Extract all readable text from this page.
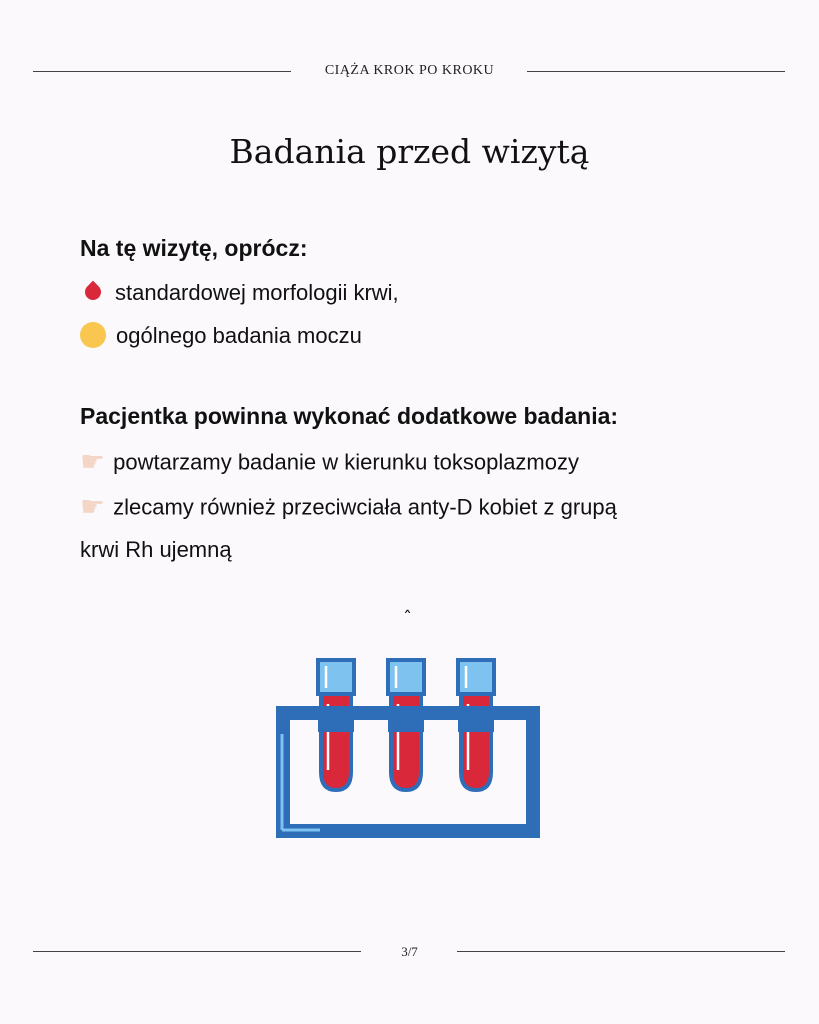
CIĄŻA KROK PO KROKU
Badania przed wizytą
Na tę wizytę, oprócz:
standardowej morfologii krwi,
ogólnego badania moczu
Pacjentka powinna wykonać dodatkowe badania:
☛ powtarzamy badanie w kierunku toksoplazmozy
☛ zlecamy również przeciwciała anty-D kobiet z grupą
krwi Rh ujemną
ˆ
3/7
